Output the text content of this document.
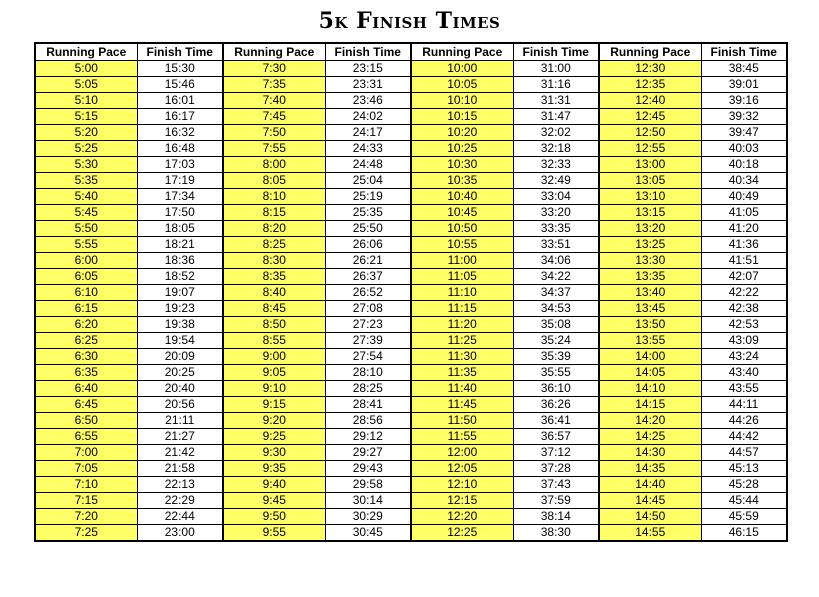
5k Finish Times
Running Pace	Finish Time	Running Pace	Finish Time	Running Pace	Finish Time	Running Pace	Finish Time
5:00	15:30	7:30	23:15	10:00	31:00	12:30	38:45
5:05	15:46	7:35	23:31	10:05	31:16	12:35	39:01
5:10	16:01	7:40	23:46	10:10	31:31	12:40	39:16
5:15	16:17	7:45	24:02	10:15	31:47	12:45	39:32
5:20	16:32	7:50	24:17	10:20	32:02	12:50	39:47
5:25	16:48	7:55	24:33	10:25	32:18	12:55	40:03
5:30	17:03	8:00	24:48	10:30	32:33	13:00	40:18
5:35	17:19	8:05	25:04	10:35	32:49	13:05	40:34
5:40	17:34	8:10	25:19	10:40	33:04	13:10	40:49
5:45	17:50	8:15	25:35	10:45	33:20	13:15	41:05
5:50	18:05	8:20	25:50	10:50	33:35	13:20	41:20
5:55	18:21	8:25	26:06	10:55	33:51	13:25	41:36
6:00	18:36	8:30	26:21	11:00	34:06	13:30	41:51
6:05	18:52	8:35	26:37	11:05	34:22	13:35	42:07
6:10	19:07	8:40	26:52	11:10	34:37	13:40	42:22
6:15	19:23	8:45	27:08	11:15	34:53	13:45	42:38
6:20	19:38	8:50	27:23	11:20	35:08	13:50	42:53
6:25	19:54	8:55	27:39	11:25	35:24	13:55	43:09
6:30	20:09	9:00	27:54	11:30	35:39	14:00	43:24
6:35	20:25	9:05	28:10	11:35	35:55	14:05	43:40
6:40	20:40	9:10	28:25	11:40	36:10	14:10	43:55
6:45	20:56	9:15	28:41	11:45	36:26	14:15	44:11
6:50	21:11	9:20	28:56	11:50	36:41	14:20	44:26
6:55	21:27	9:25	29:12	11:55	36:57	14:25	44:42
7:00	21:42	9:30	29:27	12:00	37:12	14:30	44:57
7:05	21:58	9:35	29:43	12:05	37:28	14:35	45:13
7:10	22:13	9:40	29:58	12:10	37:43	14:40	45:28
7:15	22:29	9:45	30:14	12:15	37:59	14:45	45:44
7:20	22:44	9:50	30:29	12:20	38:14	14:50	45:59
7:25	23:00	9:55	30:45	12:25	38:30	14:55	46:15
